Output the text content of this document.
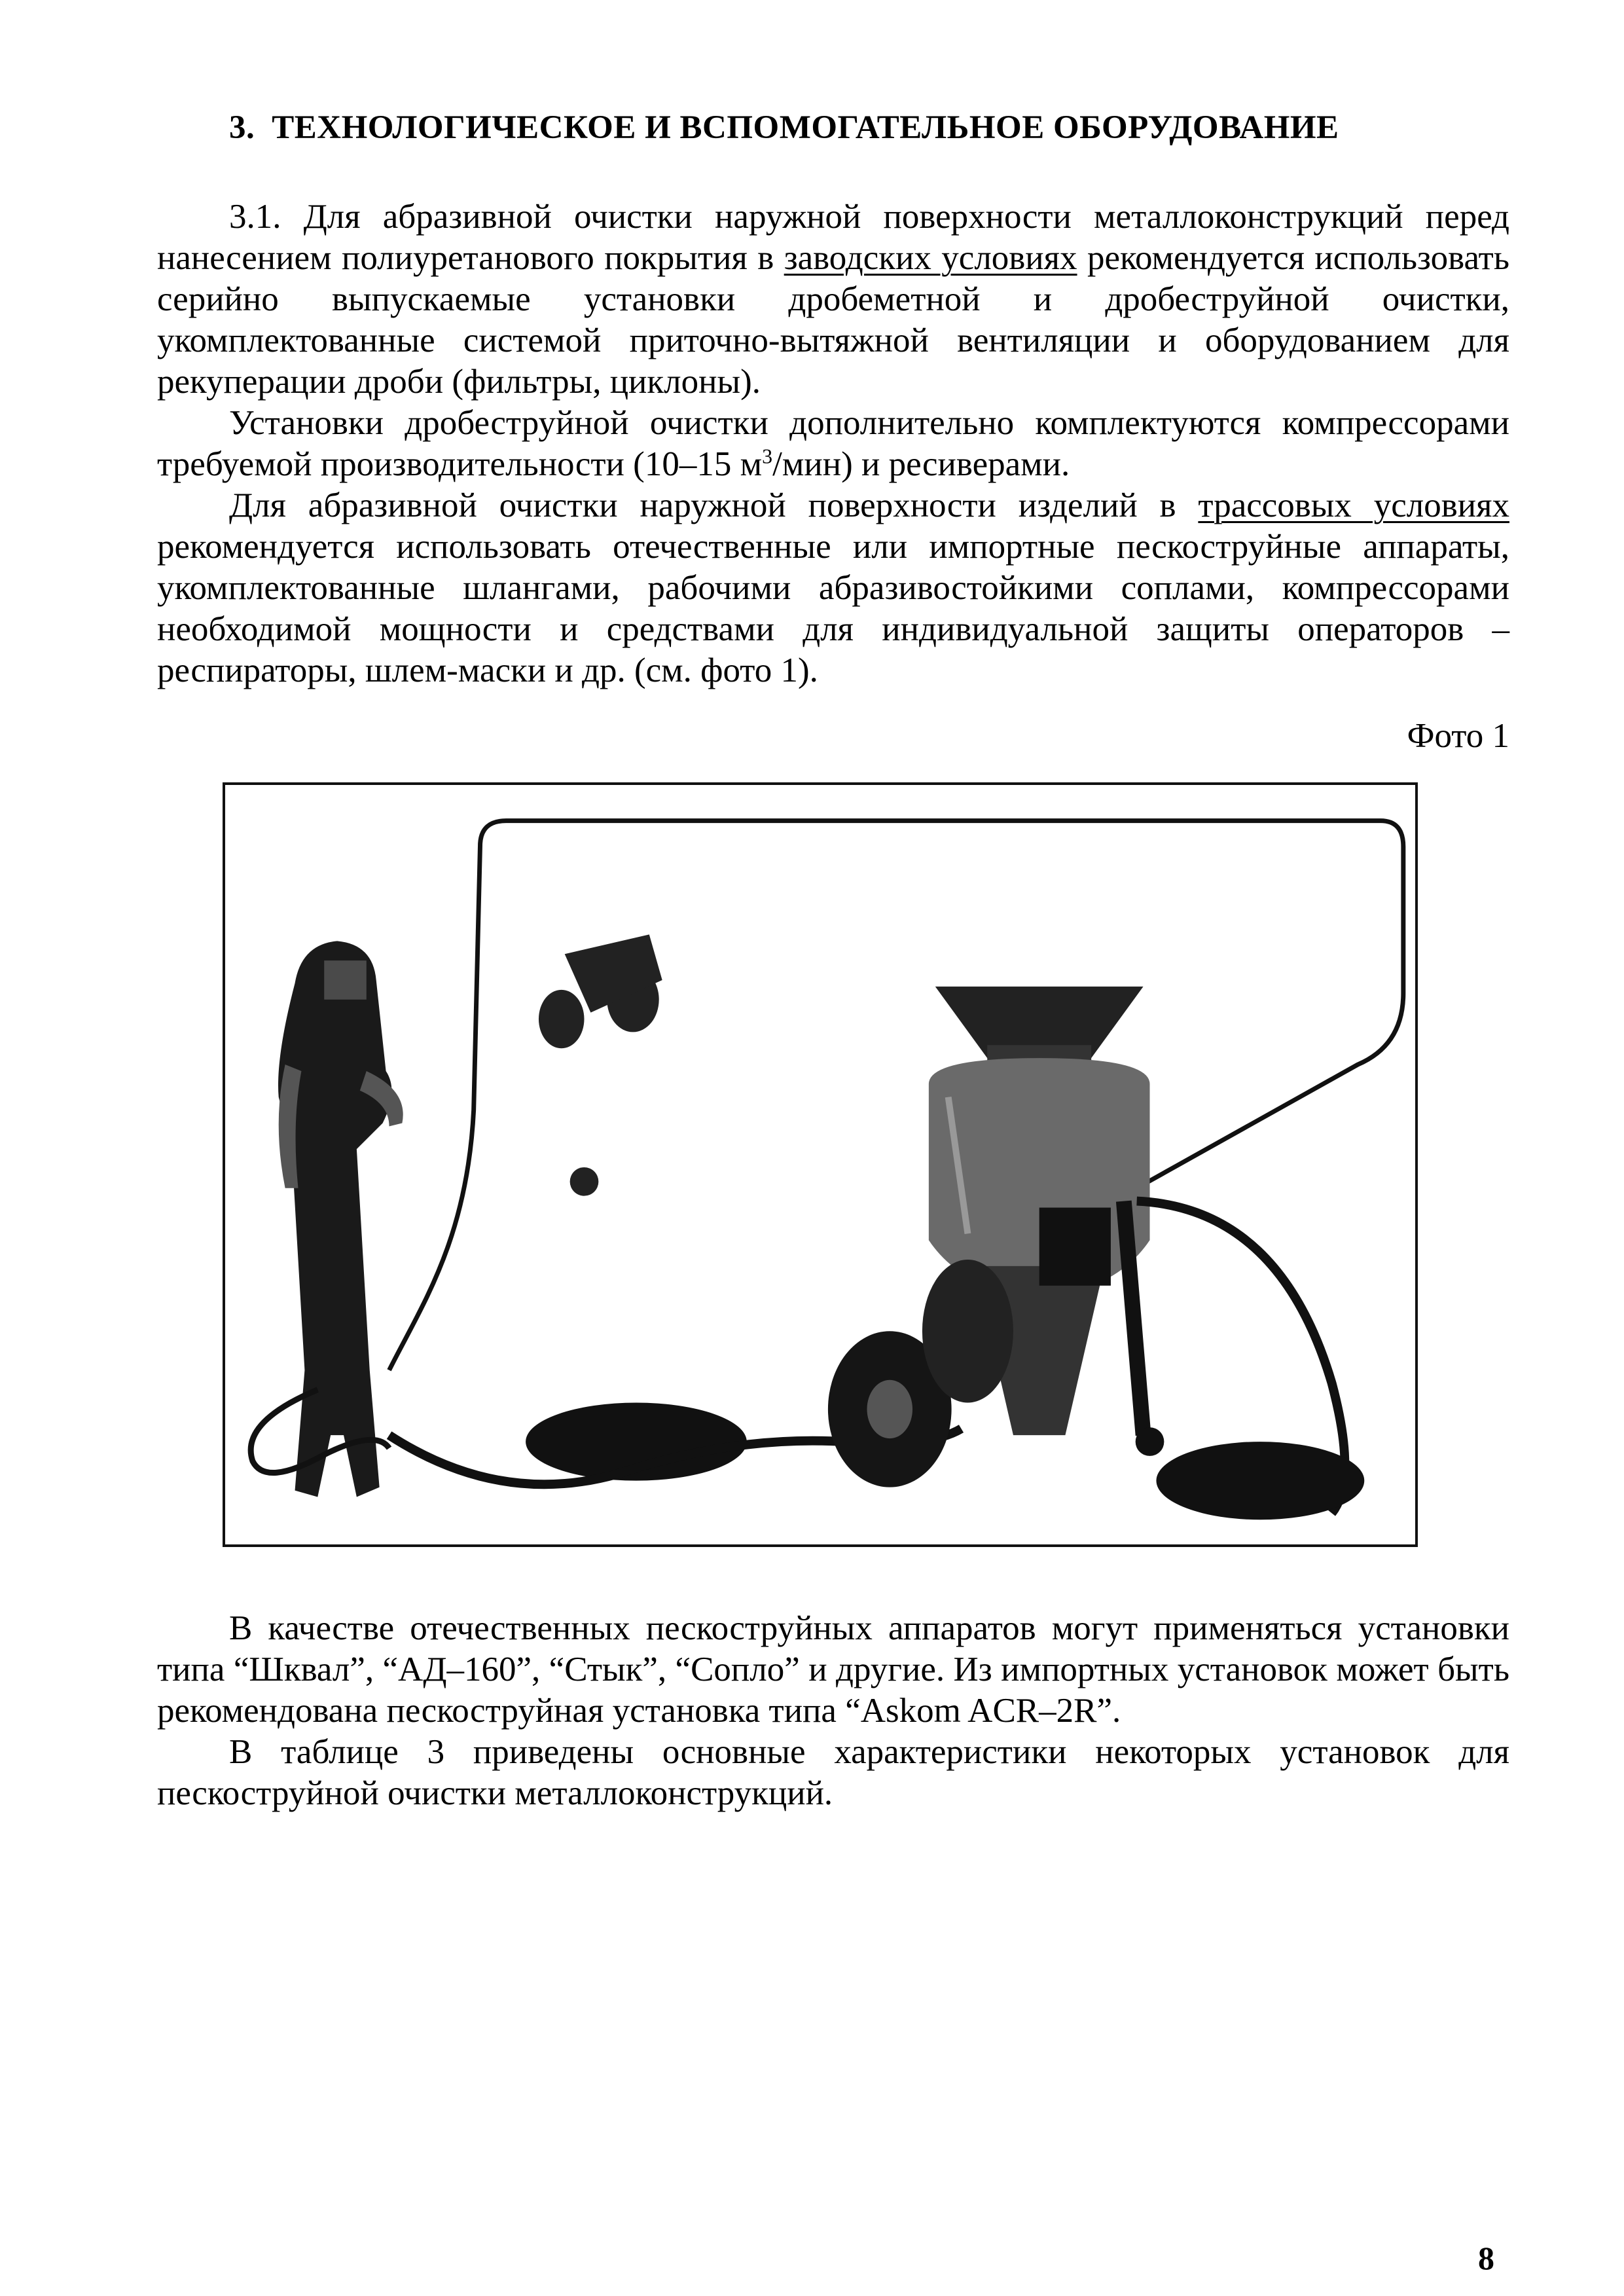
3. ТЕХНОЛОГИЧЕСКОЕ И ВСПОМОГАТЕЛЬНОЕ ОБОРУДОВАНИЕ

3.1. Для абразивной очистки наружной поверхности металлоконструкций перед нанесением полиуретанового покрытия в заводских условиях рекомендуется использовать серийно выпускаемые установки дробеметной и дробеструйной очистки, укомплектованные системой приточно-вытяжной вентиляции и оборудованием для рекуперации дроби (фильтры, циклоны).

Установки дробеструйной очистки дополнительно комплектуются компрессорами требуемой производительности (10–15 $м^3/мин$) и ресиверами.

Для абразивной очистки наружной поверхности изделий в трассовых условиях рекомендуется использовать отечественные или импортные пескоструйные аппараты, укомплектованные шлангами, рабочими абразивостойкими соплами, компрессорами необходимой мощности и средствами для индивидуальной защиты операторов – респираторы, шлем-маски и др. (см. фото 1).

Фото 1

В качестве отечественных пескоструйных аппаратов могут применяться установки типа “Шквал”, “АД–160”, “Стык”, “Сопло” и другие. Из импортных установок может быть рекомендована пескоструйная установка типа “Askom ACR–2R”.

В таблице 3 приведены основные характеристики некоторых установок для пескоструйной очистки металлоконструкций.

8
